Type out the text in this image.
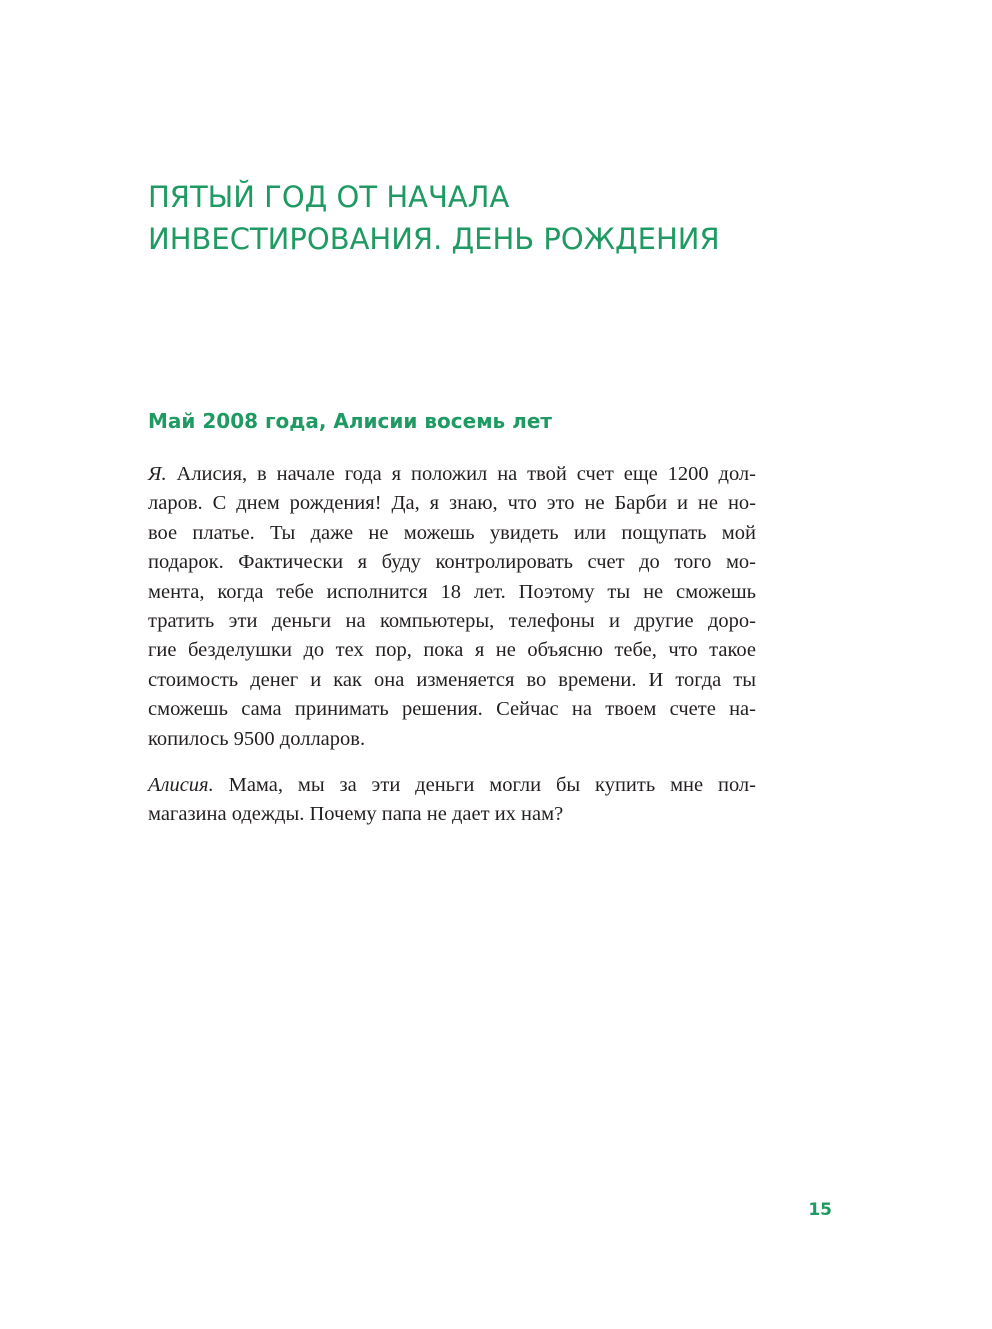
ПЯТЫЙ ГОД ОТ НАЧАЛА
ИНВЕСТИРОВАНИЯ. ДЕНЬ РОЖДЕНИЯ
Май 2008 года, Алисии восемь лет
Я. Алисия, в начале года я положил на твой счет еще 1200 дол-
ларов. С днем рождения! Да, я знаю, что это не Барби и не но-
вое платье. Ты даже не можешь увидеть или пощупать мой
подарок. Фактически я буду контролировать счет до того мо-
мента, когда тебе исполнится 18 лет. Поэтому ты не сможешь
тратить эти деньги на компьютеры, телефоны и другие доро-
гие безделушки до тех пор, пока я не объясню тебе, что такое
стоимость денег и как она изменяется во времени. И тогда ты
сможешь сама принимать решения. Сейчас на твоем счете на-
копилось 9500 долларов.
Алисия. Мама, мы за эти деньги могли бы купить мне пол-
магазина одежды. Почему папа не дает их нам?
15
